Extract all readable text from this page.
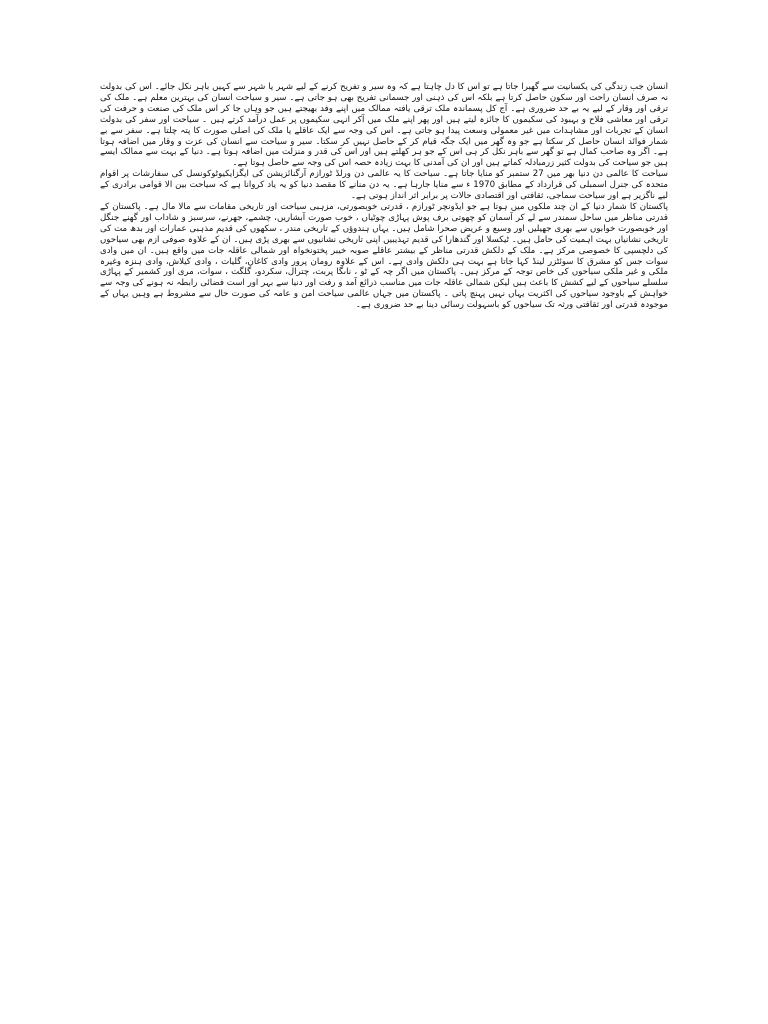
انسان جب زندگی کی یکسانیت سے گھبرا جاتا ہے تو اس کا دل چاہتا ہے کہ وہ سیر و تفریح کرنے کے لیے شہر یا شہر سے کہیں باہر نکل جائے۔ اس کی بدولت نہ صرف انسان راحت اور سکون حاصل کرتا ہے بلکہ اس کی ذہنی اور جسمانی تفریح بھی ہو جاتی ہے۔ سیر و سیاحت انسان کی بہترین معلم ہے۔ ملک کی ترقی اور وقار کے لیے یہ بے حد ضروری ہے۔ آج کل پسماندہ ملک ترقی یافتہ ممالک میں اپنے وفد بھیجتے ہیں جو وہاں جا کر اس ملک کی صنعت و حرفت کی ترقی اور معاشی فلاح و بہبود کی سکیموں کا جائزہ لیتے ہیں اور پھر اپنے ملک میں آکر انہی سکیموں پر عمل درآمد کرتے ہیں ۔ سیاحت اور سفر کی بدولت انسان کے تجربات اور مشاہدات میں غیر معمولی وسعت پیدا ہو جاتی ہے۔ اس کی وجہ سے ایک عاقلے یا ملک کی اصلی صورت کا پتہ چلتا ہے۔ سفر سے بے شمار فوائد انسان حاصل کر سکتا ہے جو وہ گھر میں ایک جگہ قیام کر کے حاصل نہیں کر سکتا۔ سیر و سیاحت سے انسان کی عزت و وقار میں اضافہ ہوتا ہے۔ اگر وہ صاحب کمال ہے تو گھر سے باہر نکل کر ہی اس کے جو ہر کھلتے ہیں اور اس کی قدر و منزلت میں اضافہ ہوتا ہے۔ دنیا کے بہت سے ممالک ایسے ہیں جو سیاحت کی بدولت کثیر زرمبادلہ کماتے ہیں اور ان کی آمدنی کا بہت زیادہ حصہ اس کی وجہ سے حاصل ہوتا ہے۔

سیاحت کا عالمی دن دنیا بھر میں 27 ستمبر کو منایا جاتا ہے۔ سیاحت کا یہ عالمی دن ورلڈ ٹورازم آرگنائزیشن کی ایگزایکیوٹوکونسل کی سفارشات پر اقوام متحدہ کی جنرل اسمبلی کی قرارداد کے مطابق 1970 ء سے منایا جارہا ہے۔ یہ دن منانے کا مقصد دنیا کو یہ یاد کروانا ہے کہ سیاحت بین الا قوامی برادری کے لیے ناگزیر ہے اور سیاحت سماجی، ثقافتی اور اقتصادی حالات پر برابر اثر انداز ہوتی ہے۔

پاکستان کا شمار دنیا کے ان چند ملکوں میں ہوتا ہے جو ایڈونچر ٹورازم ، قدرتی خوبصورتی، مزہبی سیاحت اور تاریخی مقامات سے مالا مال ہے۔ پاکستان کے قدرتی مناظر میں ساحل سمندر سے لے کر آسمان کو چھوتی برف پوش پہاڑی چوٹیاں ، خوب صورت آبشاریں، چشمے، جھرنے، سرسبز و شاداب اور گھنے جنگل اور خوبصورت خوابوں سے بھری جھیلیں اور وسیع و عریض صحرا شامل ہیں۔ یہاں ہندوؤں کے تاریخی مندر ، سکھوں کی قدیم مذہبی عمارات اور بدھ مت کی تاریخی نشانیاں بہت اہمیت کی حامل ہیں۔ ٹیکسلا اور گندھارا کی قدیم تہذیبیں اپنی تاریخی نشانیوں سے بھری پڑی ہیں۔ ان کے علاوہ صوفی ازم بھی سیاحوں کی دلچسپی کا خصوصی مرکز ہے۔ ملک کے دلکش قدرتی مناظر کے بیشتر عاقلے صوبہ خیبر پختونخواہ اور شمالی عاقلہ جات میں واقع ہیں۔ ان میں وادی سوات جس کو مشرق کا سوئٹزر لینڈ کہا جاتا ہے بہت ہی دلکش وادی ہے۔ اس کے علاوہ رومان پرور وادی کاغان، گلیات ، وادی کیلاش، وادی ہنزہ وغیرہ ملکی و غیر ملکی سیاحوں کی خاص توجہ کے مرکز ہیں۔ پاکستان میں اگر چہ کے ٹو ، ناںگا پربت، چترال، سکردو، گلگت ، سوات، مری اور کشمیر کے پہاڑی سلسلے سیاحوں کے لیے کشش کا باعث ہیں لیکن شمالی عاقلہ جات میں مناسب ذرائع آمد و رفت اور دنیا سے بہر اور است فضائی رابطہ نہ ہونے کی وجہ سے خواہش کے باوجود سیاحوں کی اکثریت یہاں نہیں پہنچ پاتی ۔ پاکستان میں جہاں عالمی سیاحت امن و عامہ کی صورت حال سے مشروط ہے وہیں یہاں کے موجودہ قدرتی اور ثقافتی ورثہ تک سیاحوں کو باسہولت رسائی دینا بے حد ضروری ہے۔
